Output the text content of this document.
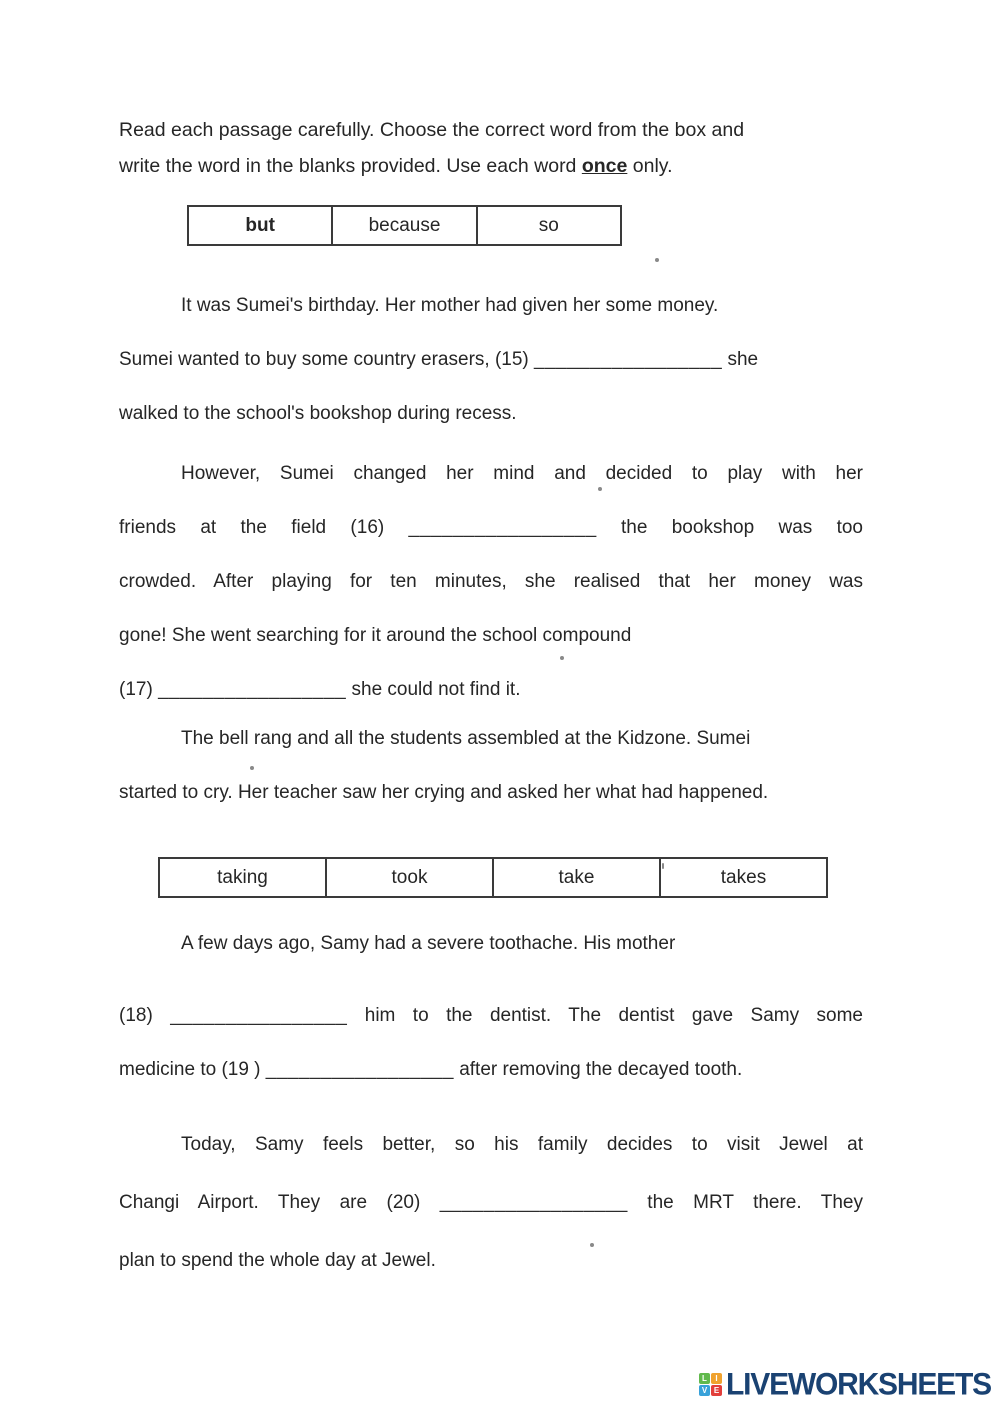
Read each passage carefully. Choose the correct word from the box and
write the word in the blanks provided. Use each word once only.
but	because	so
It was Sumei's birthday. Her mother had given her some money.
Sumei wanted to buy some country erasers, (15) _________________ she
walked to the school's bookshop during recess.
However, Sumei changed her mind and decided to play with her
friends at the field (16) _________________ the bookshop was too
crowded. After playing for ten minutes, she realised that her money was
gone! She went searching for it around the school compound
(17) _________________ she could not find it.
The bell rang and all the students assembled at the Kidzone. Sumei
started to cry. Her teacher saw her crying and asked her what had happened.
taking	took	take	takes
A few days ago, Samy had a severe toothache. His mother
(18) ________________ him to the dentist. The dentist gave Samy some
medicine to (19 ) _________________ after removing the decayed tooth.
Today, Samy feels better, so his family decides to visit Jewel at
Changi Airport. They are (20) _________________ the MRT there. They
plan to spend the whole day at Jewel.
L	I
V E LIVEWORKSHEETS
